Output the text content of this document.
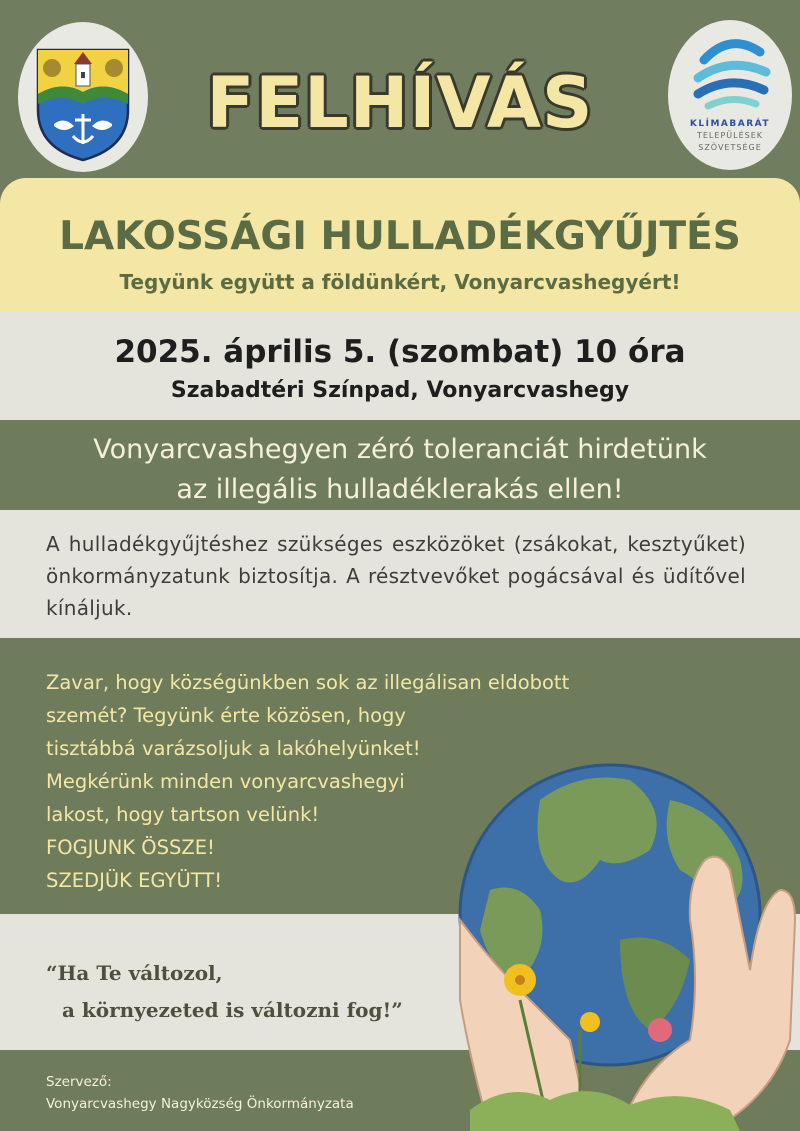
FELHÍVÁS	KLÍMABARÁT
TELEPÜLÉSEK
SZÖVETSÉGE
LAKOSSÁGI HULLADÉKGYŰJTÉS
Tegyünk együtt a földünkért, Vonyarcvashegyért!
2025. április 5. (szombat) 10 óra
Szabadtéri Színpad, Vonyarcvashegy
Vonyarcvashegyen zéró toleranciát hirdetünk
az illegális hulladéklerakás ellen!
A hulladékgyűjtéshez szükséges eszközöket (zsákokat, kesztyűket) önkormányzatunk biztosítja. A résztvevőket pogácsával és üdítővel kínáljuk.
Zavar, hogy községünkben sok az illegálisan eldobott
szemét? Tegyünk érte közösen, hogy
tisztábbá varázsoljuk a lakóhelyünket!
Megkérünk minden vonyarcvashegyi
lakost, hogy tartson velünk!
FOGJUNK ÖSSZE!
SZEDJÜK EGYÜTT!
“Ha Te változol,
a környezeted is változni fog!”
Szervező:
Vonyarcvashegy Nagyközség Önkormányzata
